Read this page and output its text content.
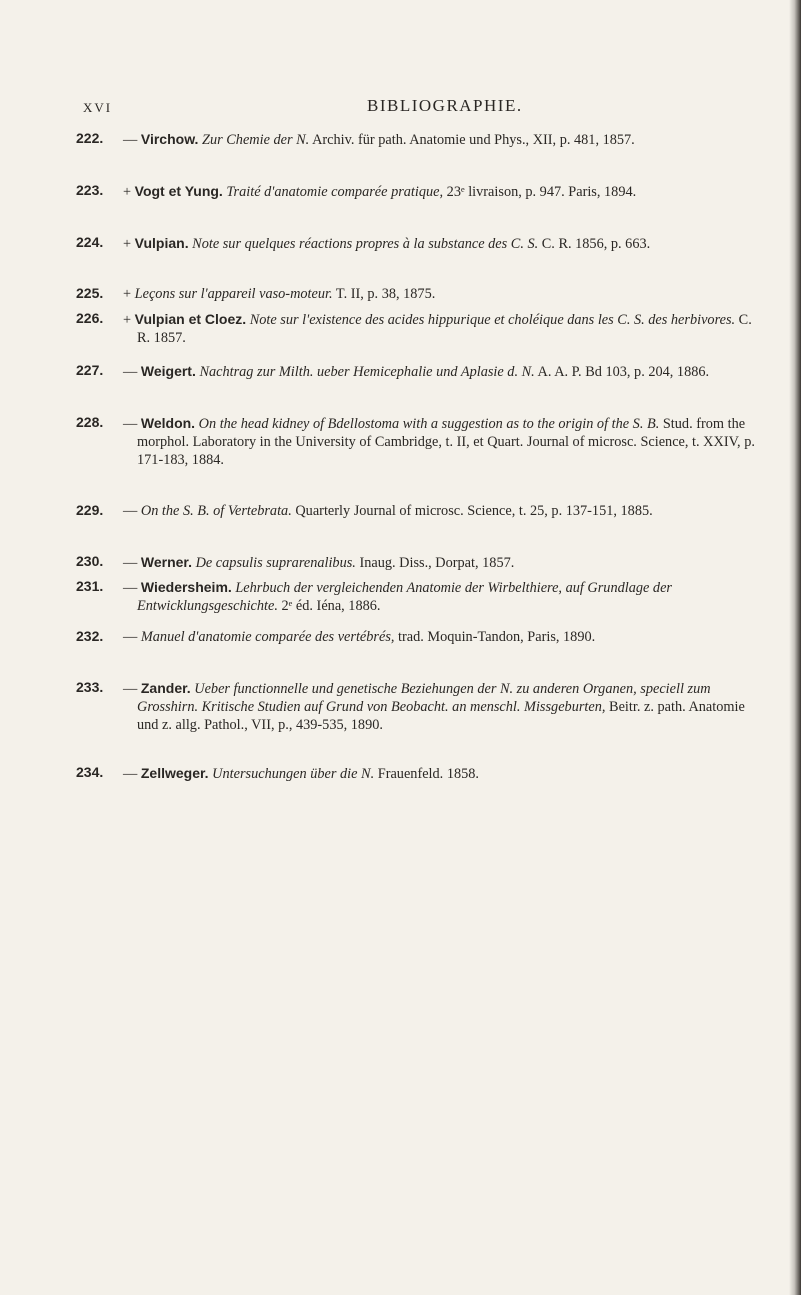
XVI	BIBLIOGRAPHIE.
222.	— Virchow. Zur Chemie der N. Archiv. für path. Anatomie und Phys., XII, p. 481, 1857.
223.	+ Vogt et Yung. Traité d'anatomie comparée pratique, 23ᵉ livraison, p. 947. Paris, 1894.
224.	+ Vulpian. Note sur quelques réactions propres à la substance des C. S. C. R. 1856, p. 663.
225.	+ Leçons sur l'appareil vaso-moteur. T. II, p. 38, 1875.
226.	+ Vulpian et Cloez. Note sur l'existence des acides hippurique et choléique dans les C. S. des herbivores. C. R. 1857.
227.	— Weigert. Nachtrag zur Milth. ueber Hemicephalie und Aplasie d. N. A. A. P. Bd 103, p. 204, 1886.
228.	— Weldon. On the head kidney of Bdellostoma with a suggestion as to the origin of the S. B. Stud. from the morphol. Laboratory in the University of Cambridge, t. II, et Quart. Journal of microsc. Science, t. XXIV, p. 171-183, 1884.
229.	— On the S. B. of Vertebrata. Quarterly Journal of microsc. Science, t. 25, p. 137-151, 1885.
230.	— Werner. De capsulis suprarenalibus. Inaug. Diss., Dorpat, 1857.
231.	— Wiedersheim. Lehrbuch der vergleichenden Anatomie der Wirbelthiere, auf Grundlage der Entwicklungsgeschichte. 2ᵉ éd. Iéna, 1886.
232.	— Manuel d'anatomie comparée des vertébrés, trad. Moquin-Tandon, Paris, 1890.
233.	— Zander. Ueber functionnelle und genetische Beziehungen der N. zu anderen Organen, speciell zum Grosshirn. Kritische Studien auf Grund von Beobacht. an menschl. Missgeburten, Beitr. z. path. Anatomie und z. allg. Pathol., VII, p., 439-535, 1890.
234.	— Zellweger. Untersuchungen über die N. Frauenfeld. 1858.
